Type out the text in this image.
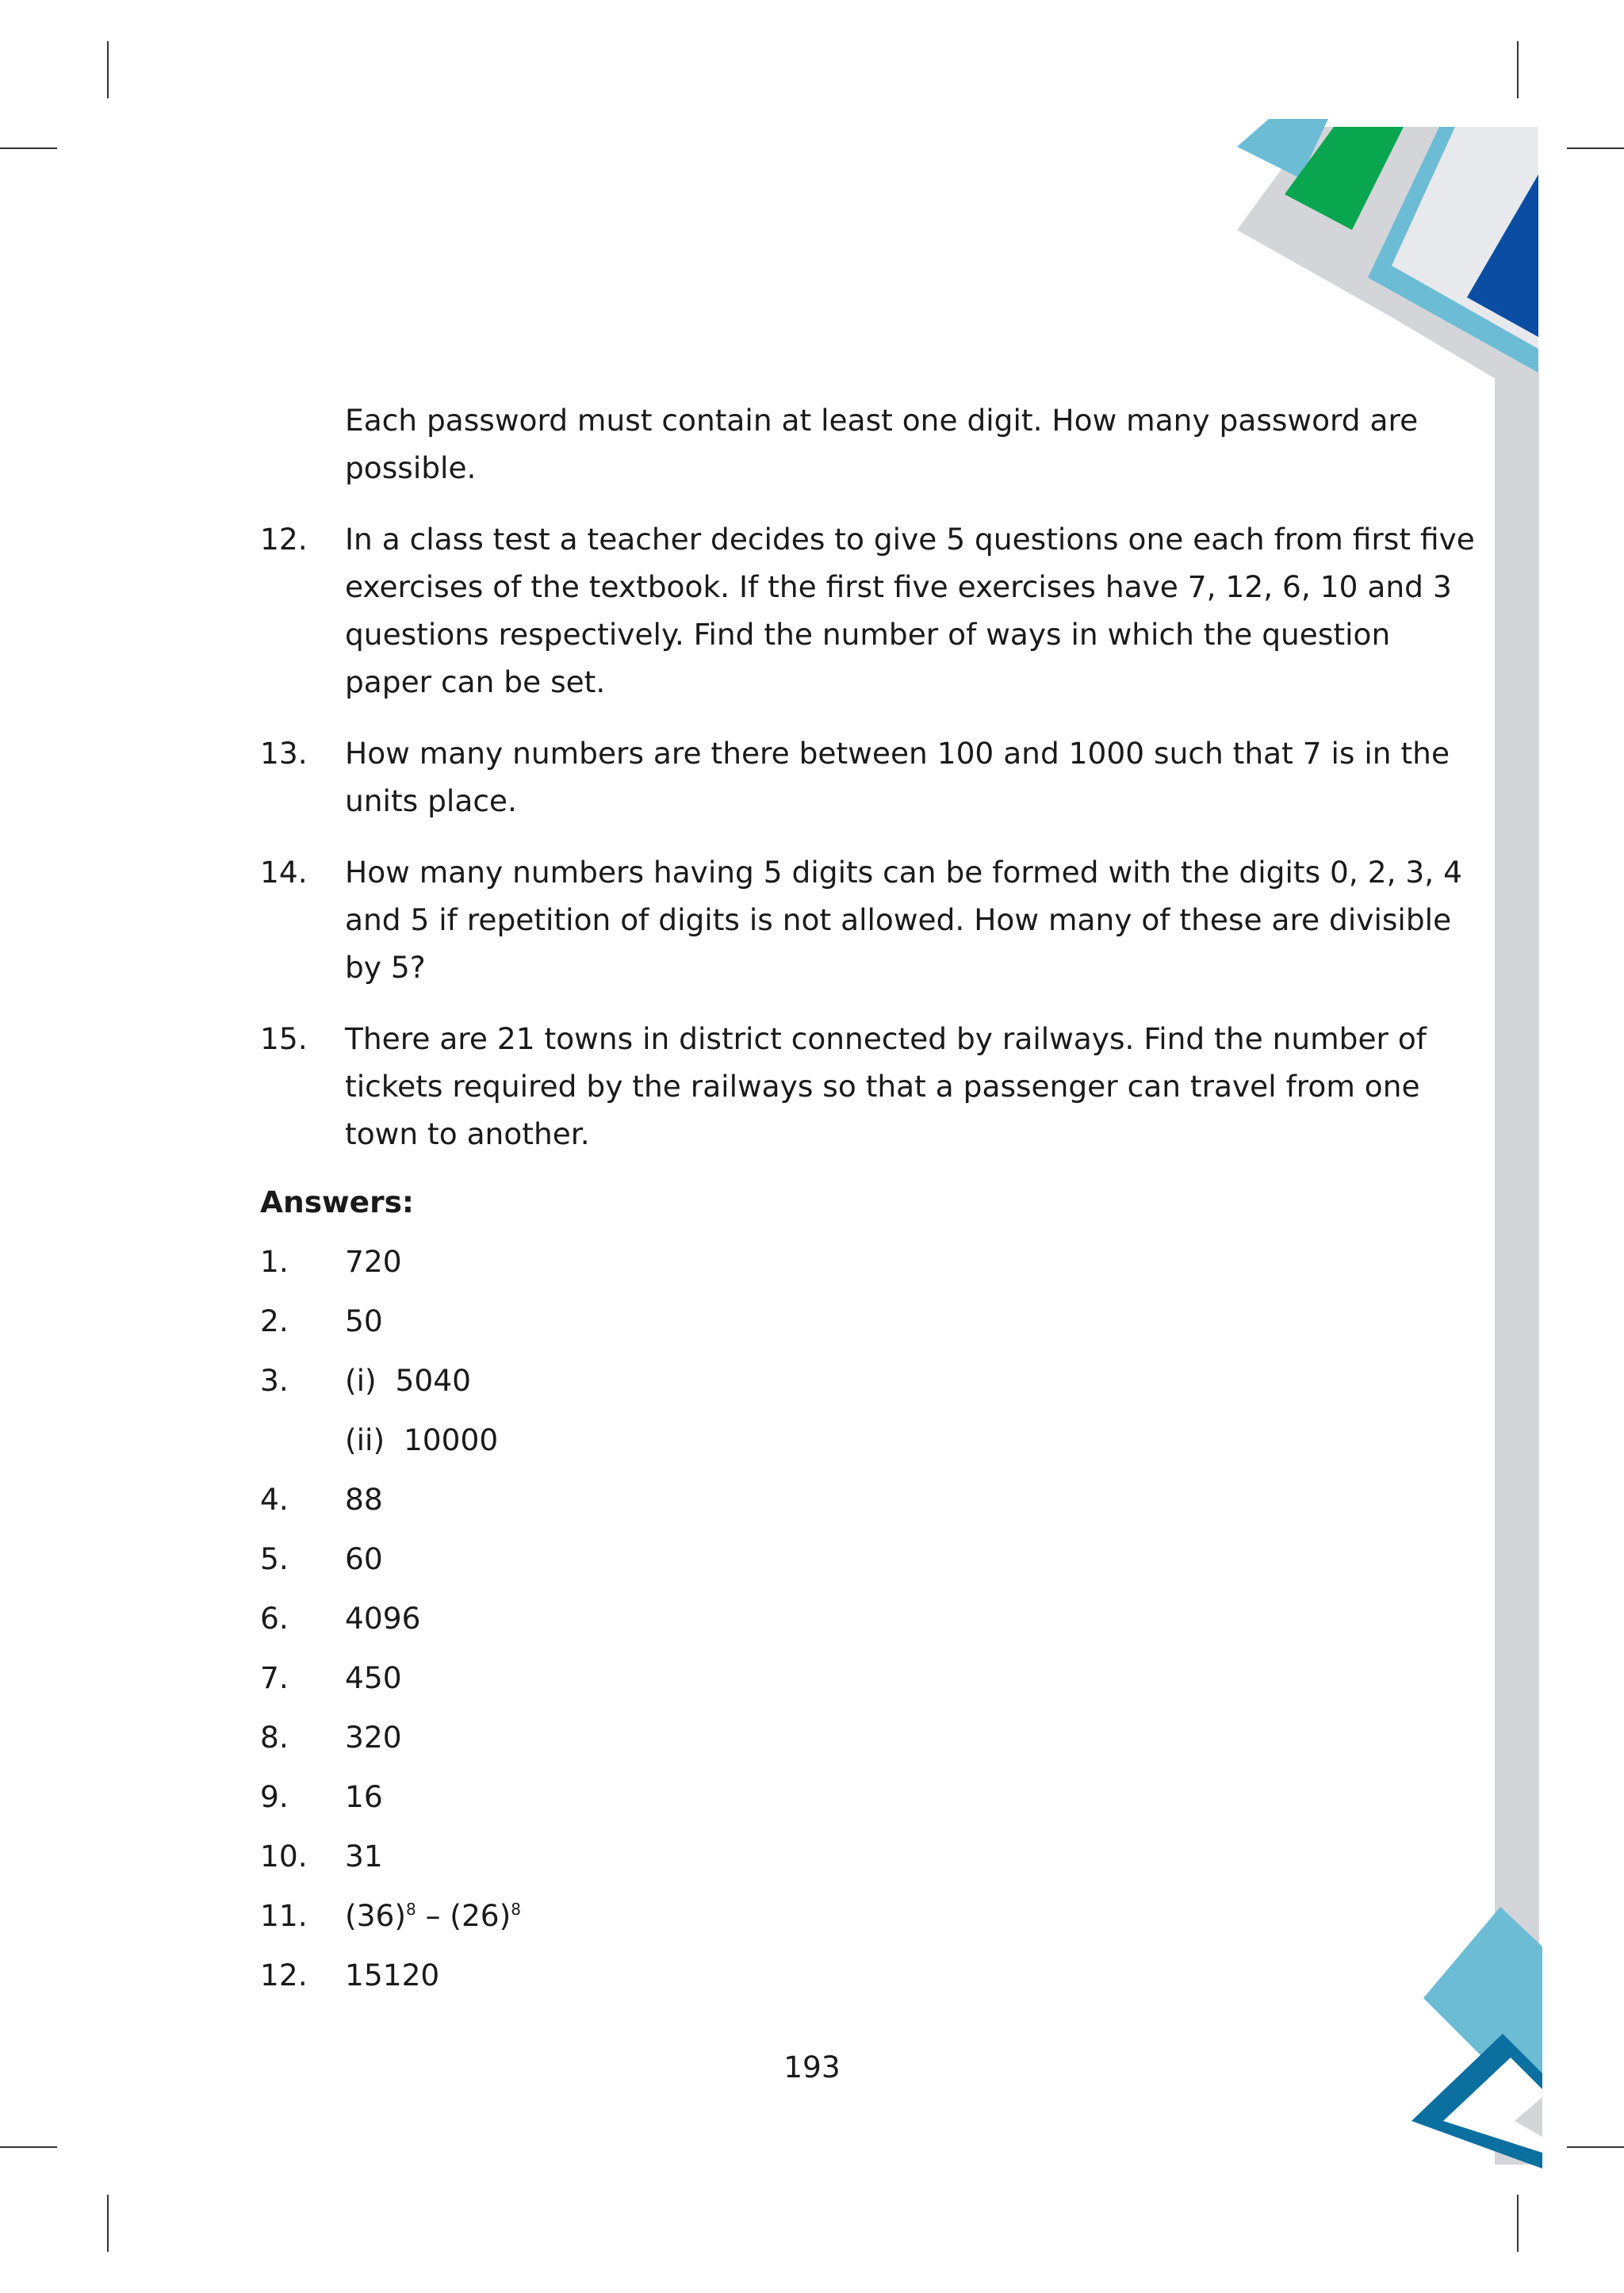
Each password must contain at least one digit. How many password are
possible.
12.	In a class test a teacher decides to give 5 questions one each from first five
exercises of the textbook. If the first five exercises have 7, 12, 6, 10 and 3
questions respectively. Find the number of ways in which the question
paper can be set.
13.	How many numbers are there between 100 and 1000 such that 7 is in the
units place.
14.	How many numbers having 5 digits can be formed with the digits 0, 2, 3, 4
and 5 if repetition of digits is not allowed. How many of these are divisible
by 5?
15.	There are 21 towns in district connected by railways. Find the number of
tickets required by the railways so that a passenger can travel from one
town to another.
Answers:
1.	720
2.	50
3.	(i)  5040
(ii)  10000
4.	88
5.	60
6.	4096
7.	450
8.	320
9.	16
10.	31
11.	$(36)^8 - (26)^8$
12.	15120
193
